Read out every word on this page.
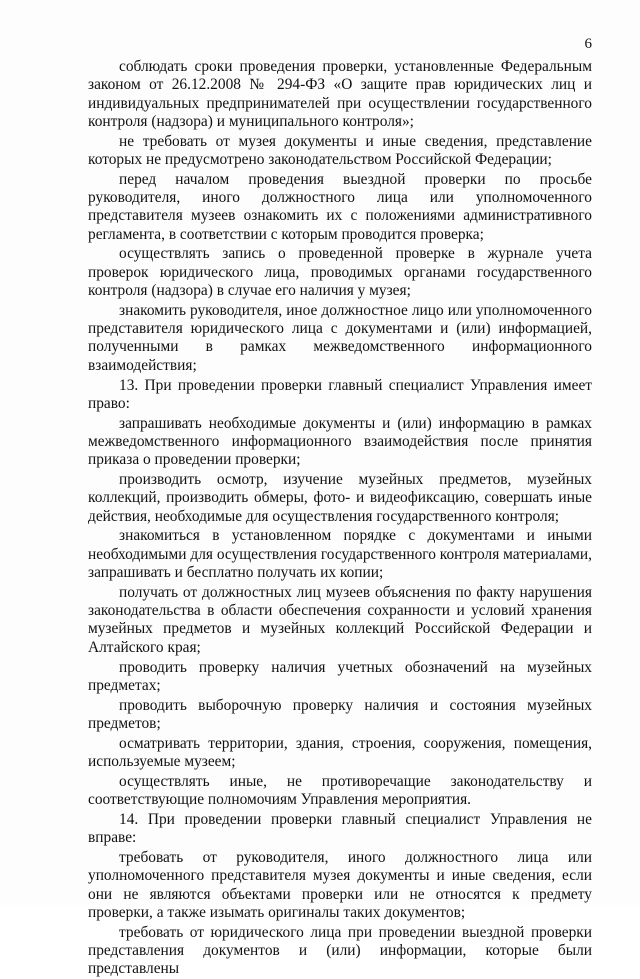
6

соблюдать сроки проведения проверки, установленные Федеральным законом от 26.12.2008 № 294-ФЗ «О защите прав юридических лиц и индивидуальных предпринимателей при осуществлении государственного контроля (надзора) и муниципального контроля»;

не требовать от музея документы и иные сведения, представление которых не предусмотрено законодательством Российской Федерации;

перед началом проведения выездной проверки по просьбе руководителя, иного должностного лица или уполномоченного представителя музеев ознакомить их с положениями административного регламента, в соответствии с которым проводится проверка;

осуществлять запись о проведенной проверке в журнале учета проверок юридического лица, проводимых органами государственного контроля (надзора) в случае его наличия у музея;

знакомить руководителя, иное должностное лицо или уполномоченного представителя юридического лица с документами и (или) информацией, полученными в рамках межведомственного информационного взаимодействия;

13. При проведении проверки главный специалист Управления имеет право:

запрашивать необходимые документы и (или) информацию в рамках межведомственного информационного взаимодействия после принятия приказа о проведении проверки;

производить осмотр, изучение музейных предметов, музейных коллекций, производить обмеры, фото- и видеофиксацию, совершать иные действия, необходимые для осуществления государственного контроля;

знакомиться в установленном порядке с документами и иными необходимыми для осуществления государственного контроля материалами, запрашивать и бесплатно получать их копии;

получать от должностных лиц музеев объяснения по факту нарушения законодательства в области обеспечения сохранности и условий хранения музейных предметов и музейных коллекций Российской Федерации и Алтайского края;

проводить проверку наличия учетных обозначений на музейных предметах;

проводить выборочную проверку наличия и состояния музейных предметов;

осматривать территории, здания, строения, сооружения, помещения, используемые музеем;

осуществлять иные, не противоречащие законодательству и соответствующие полномочиям Управления мероприятия.

14. При проведении проверки главный специалист Управления не вправе:

требовать от руководителя, иного должностного лица или уполномоченного представителя музея документы и иные сведения, если они не являются объектами проверки или не относятся к предмету проверки, а также изымать оригиналы таких документов;

требовать от юридического лица при проведении выездной проверки представления документов и (или) информации, которые были представлены
